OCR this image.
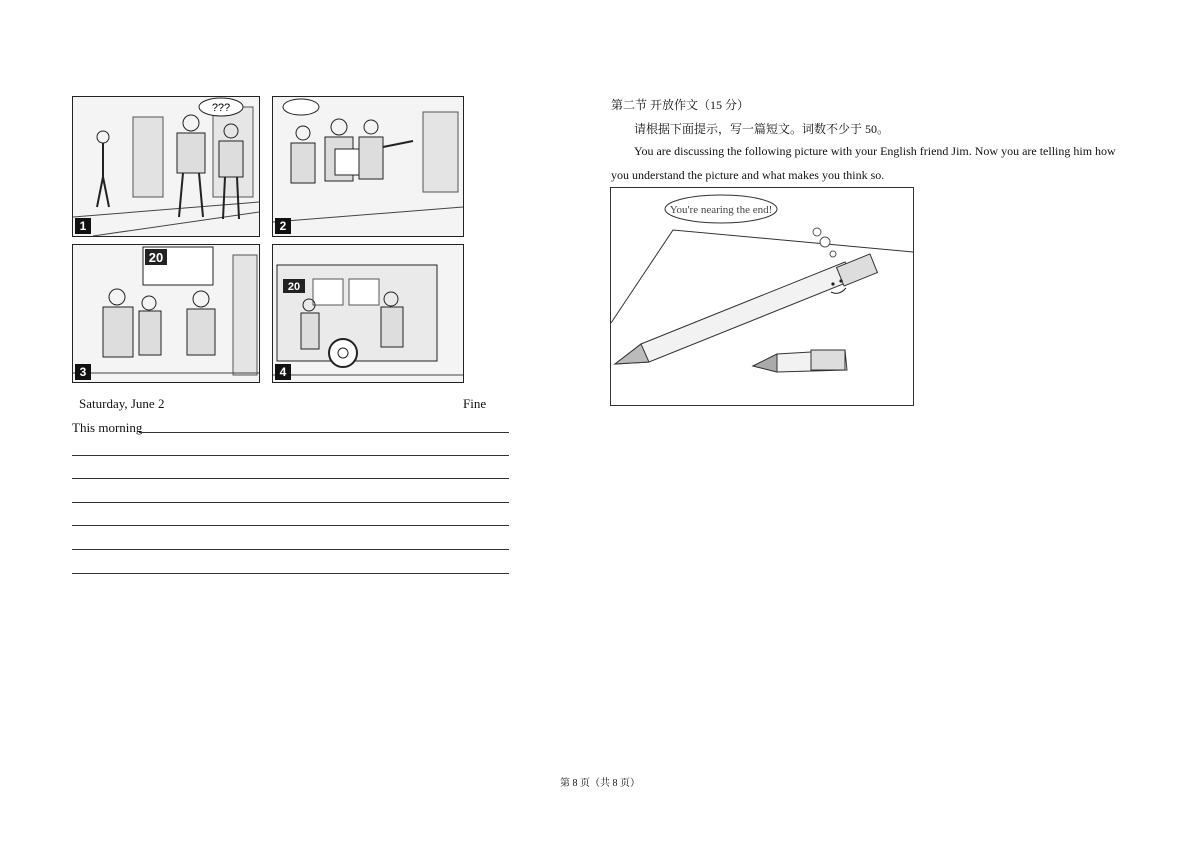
???
1	2
20
3
20
4
Saturday, June 2	Fine
This morning
第二节 开放作文（15 分）
请根据下面提示，写一篇短文。词数不少于 50。
You are discussing the following picture with your English friend Jim. Now you are telling him how
you understand the picture and what makes you think so.
You're nearing the end!
第 8 页（共 8 页）
